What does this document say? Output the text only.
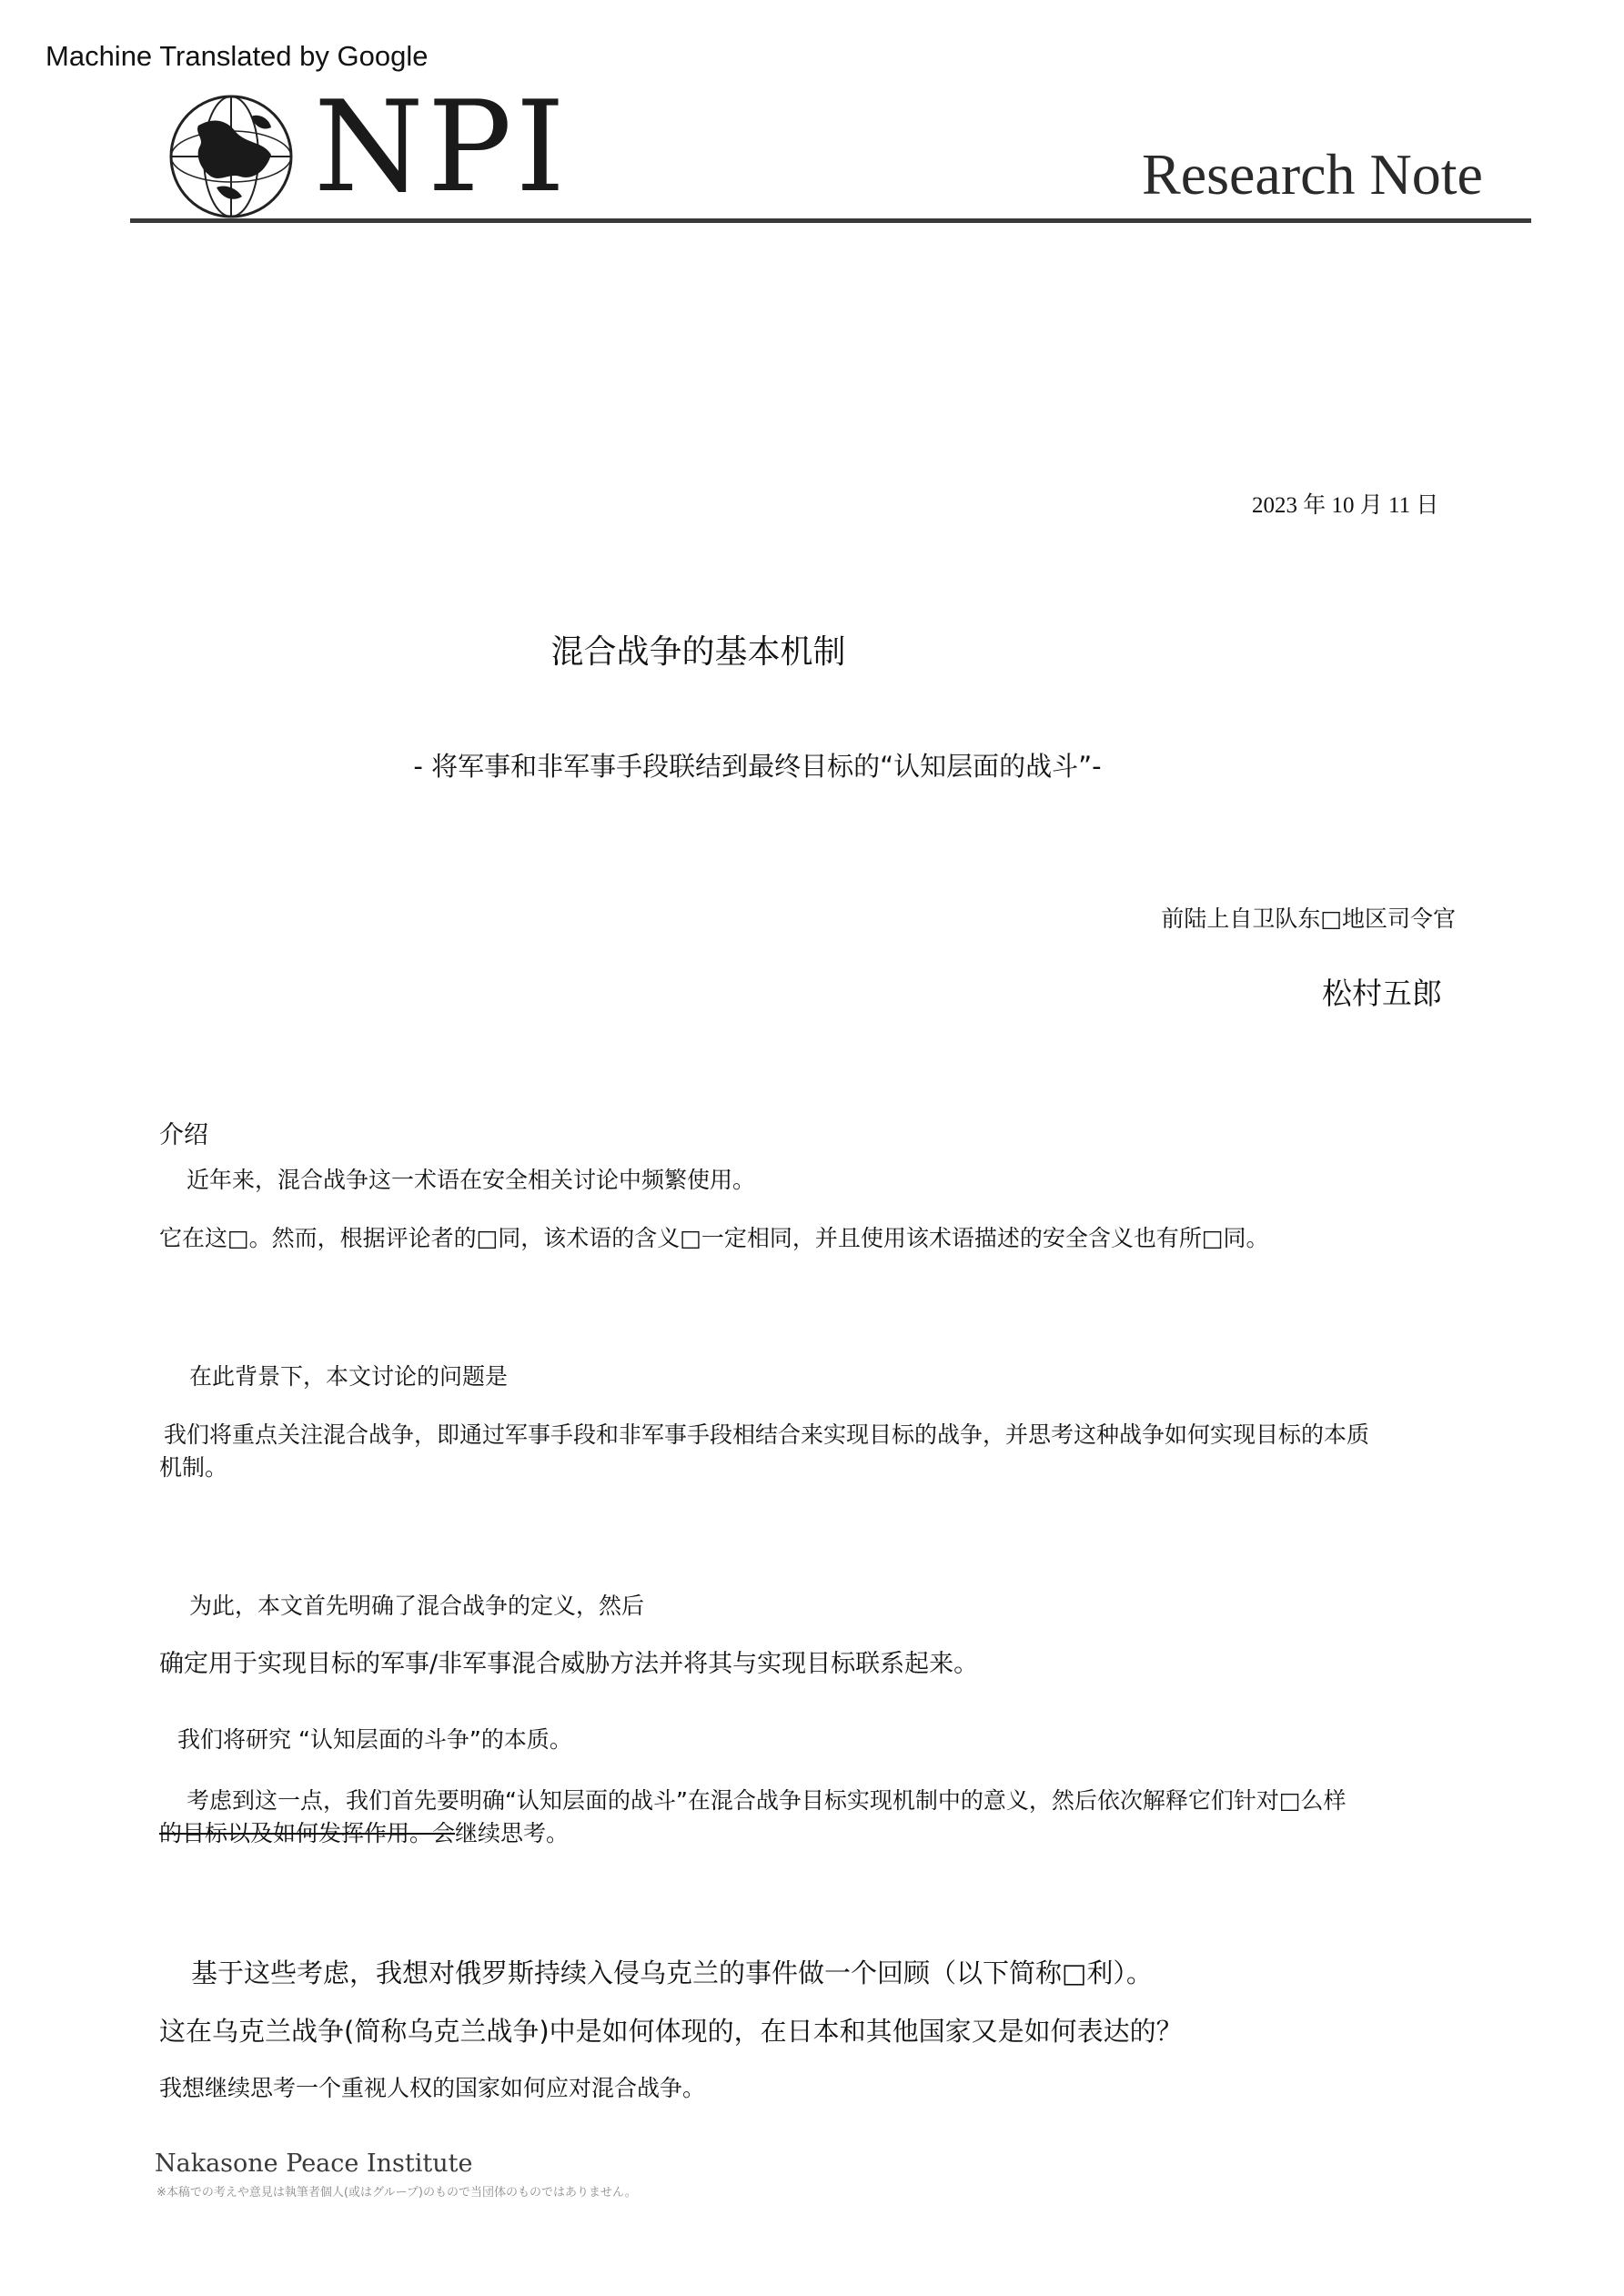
Machine Translated by Google
NPI	Research Note
2023 年 10 月 11 日
混合战争的基本机制
- 将军事和非军事手段联结到最终目标的“认知层面的战斗”-
前陆上自卫队东□地区司令官
松村五郎
介绍
近年来，混合战争这一术语在安全相关讨论中频繁使用。
它在这□。然而，根据评论者的□同，该术语的含义□一定相同，并且使用该术语描述的安全含义也有所□同。
在此背景下，本文讨论的问题是
我们将重点关注混合战争，即通过军事手段和非军事手段相结合来实现目标的战争，并思考这种战争如何实现目标的本质
机制。
为此，本文首先明确了混合战争的定义，然后
确定用于实现目标的军事/非军事混合威胁方法并将其与实现目标联系起来。
我们将研究 “认知层面的斗争”的本质。
考虑到这一点，我们首先要明确“认知层面的战斗”在混合战争目标实现机制中的意义，然后依次解释它们针对□么样
的目标以及如何发挥作用。会继续思考。
基于这些考虑，我想对俄罗斯持续入侵乌克兰的事件做一个回顾（以下简称□利）。
这在乌克兰战争(简称乌克兰战争)中是如何体现的，在日本和其他国家又是如何表达的？
我想继续思考一个重视人权的国家如何应对混合战争。
Nakasone Peace Institute
※本稿での考えや意見は執筆者個人(或はグループ)のもので当団体のものではありません。
